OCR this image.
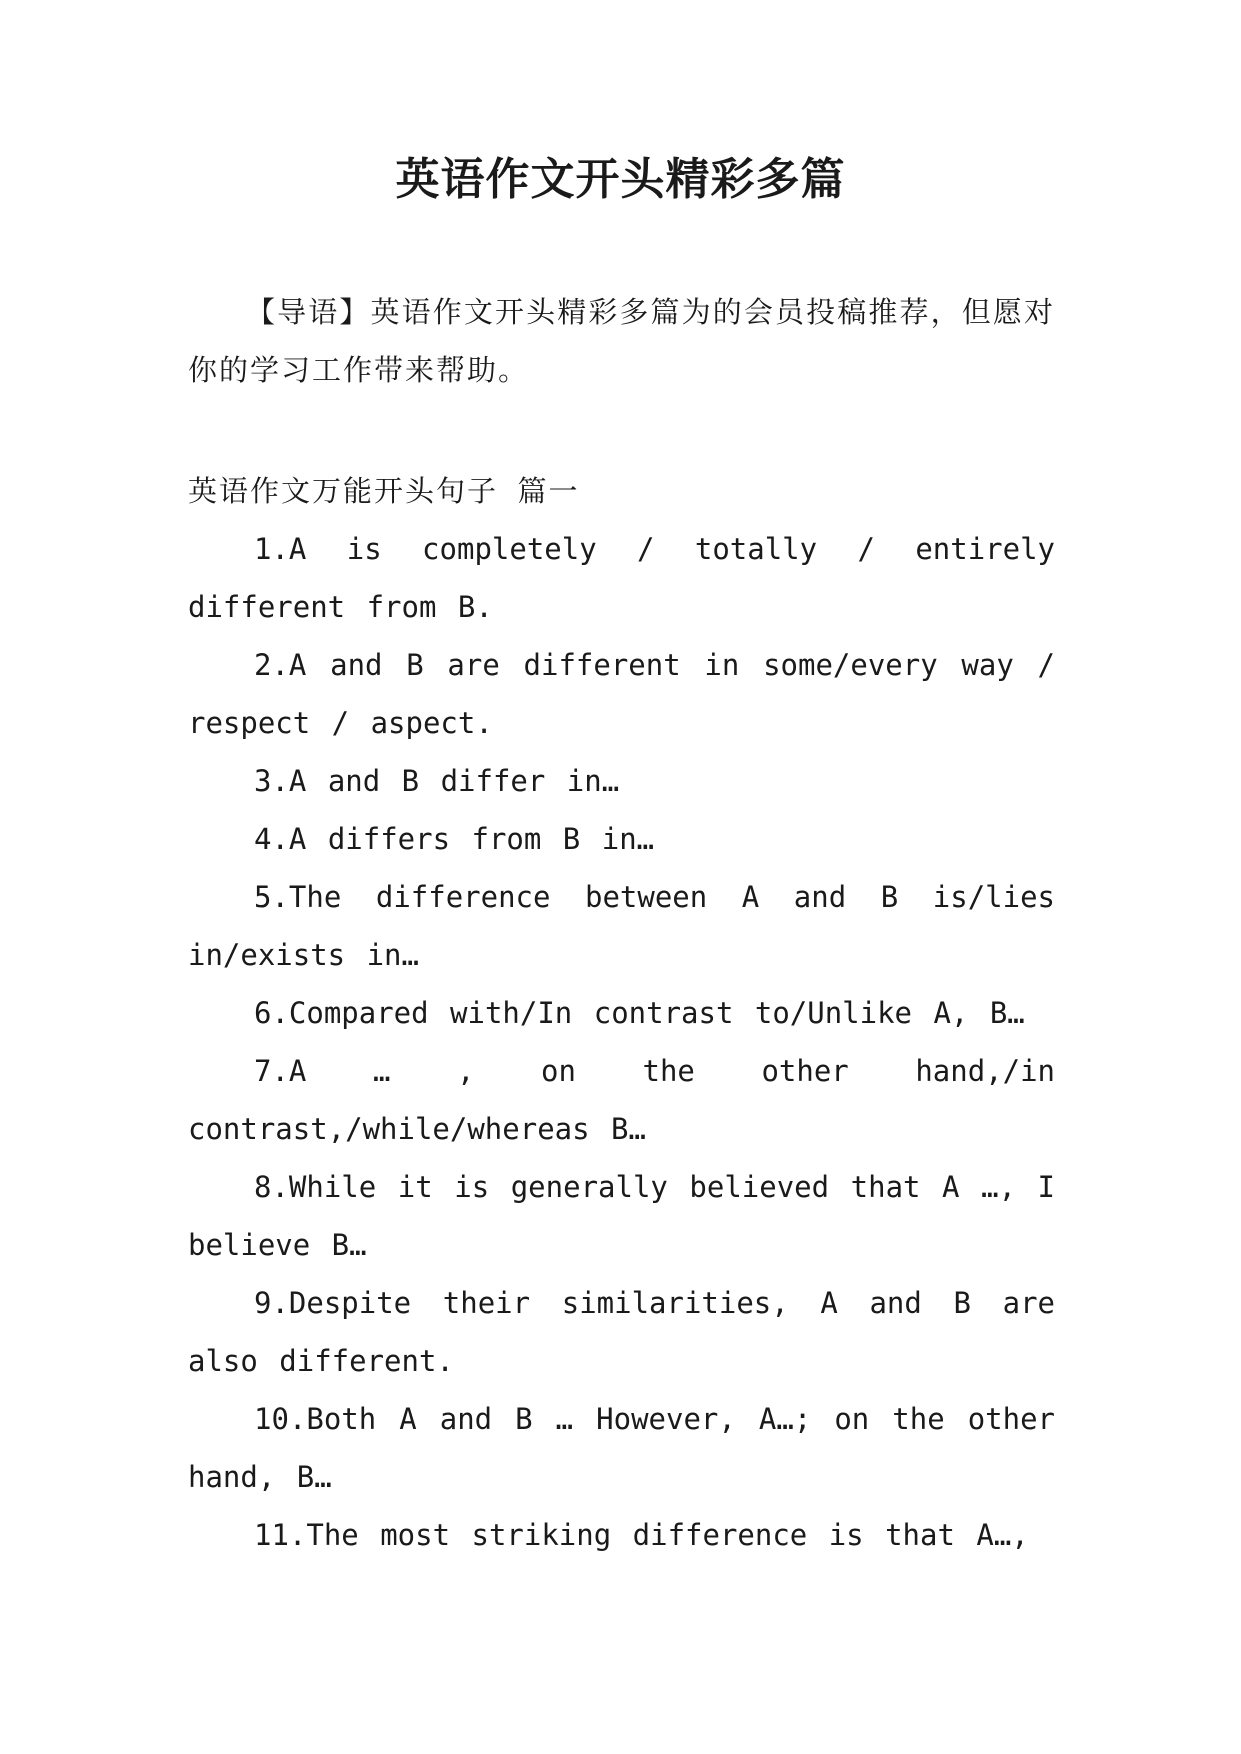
英语作文开头精彩多篇
【导语】英语作文开头精彩多篇为的会员投稿推荐，但愿对你的学习工作带来帮助。
英语作文万能开头句子 篇一
1.A is completely / totally / entirely different from B.
2.A and B are different in some/every way / respect / aspect.
3.A and B differ in…
4.A differs from B in…
5.The difference between A and B is/lies in/exists in…
6.Compared with/In contrast to/Unlike A, B…
7.A … , on the other hand,/in contrast,/while/whereas B…
8.While it is generally believed that A …, I believe B…
9.Despite their similarities, A and B are also different.
10.Both A and B … However, A…; on the other hand, B…
11.The most striking difference is that A…,
